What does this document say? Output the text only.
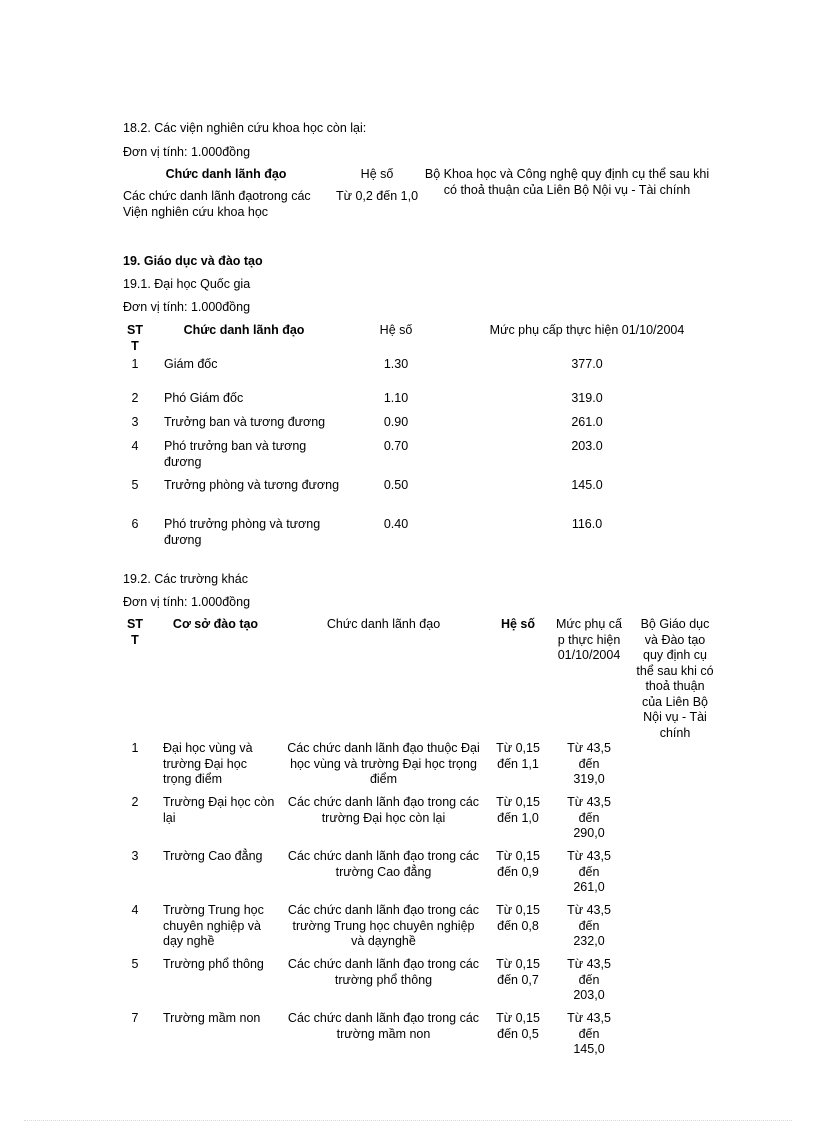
18.2. Các viện nghiên cứu khoa học còn lại:
Đơn vị tính: 1.000đồng
Chức danh lãnh đạo	Hệ số	Bộ Khoa học và Công nghệ quy định cụ thể sau khi có thoả thuận của Liên Bộ Nội vụ - Tài chính
Các chức danh lãnh đạotrong các Viện nghiên cứu khoa học	Từ 0,2 đến 1,0	
19. Giáo dục và đào tạo
19.1. Đại học Quốc gia
Đơn vị tính: 1.000đồng
STT	Chức danh lãnh đạo	Hệ số	Mức phụ cấp thực hiện 01/10/2004
1	Giám đốc	1.30	377.0
2	Phó Giám đốc	1.10	319.0
3	Trưởng ban và tương đương	0.90	261.0
4	Phó trưởng ban và tương đương	0.70	203.0
5	Trưởng phòng và tương đương	0.50	145.0
6	Phó trưởng phòng và tương đương	0.40	116.0
19.2. Các trường khác
Đơn vị tính: 1.000đồng
STT	Cơ sở đào tạo	Chức danh lãnh đạo	Hệ số	Mức phụ cấp thực hiện 01/10/2004		Bộ Giáo dục và Đào tạo quy định cụ thể sau khi có thoả thuận của Liên Bộ Nội vụ - Tài chính

1	Đại học vùng và trường Đại học trọng điểm	Các chức danh lãnh đạo thuộc Đại học vùng và trường Đại học trọng điểm	Từ 0,15 đến 1,1	Từ 43,5 đến 319,0		
2	Trường Đại học còn lại	Các chức danh lãnh đạo trong các trường Đại học còn lại	Từ 0,15 đến 1,0	Từ 43,5 đến 290,0		
3	Trường Cao đẳng	Các chức danh lãnh đạo trong các trường Cao đẳng	Từ 0,15 đến 0,9	Từ 43,5 đến 261,0		
4	Trường Trung học chuyên nghiệp và dạy nghề	Các chức danh lãnh đạo trong các trường Trung học chuyên nghiệp và dạynghề	Từ 0,15 đến 0,8	Từ 43,5 đến 232,0		
5	Trường phổ thông	Các chức danh lãnh đạo trong các trường phổ thông	Từ 0,15 đến 0,7	Từ 43,5 đến 203,0		
7	Trường mầm non	Các chức danh lãnh đạo trong các trường mầm non	Từ 0,15 đến 0,5	Từ 43,5 đến 145,0		
